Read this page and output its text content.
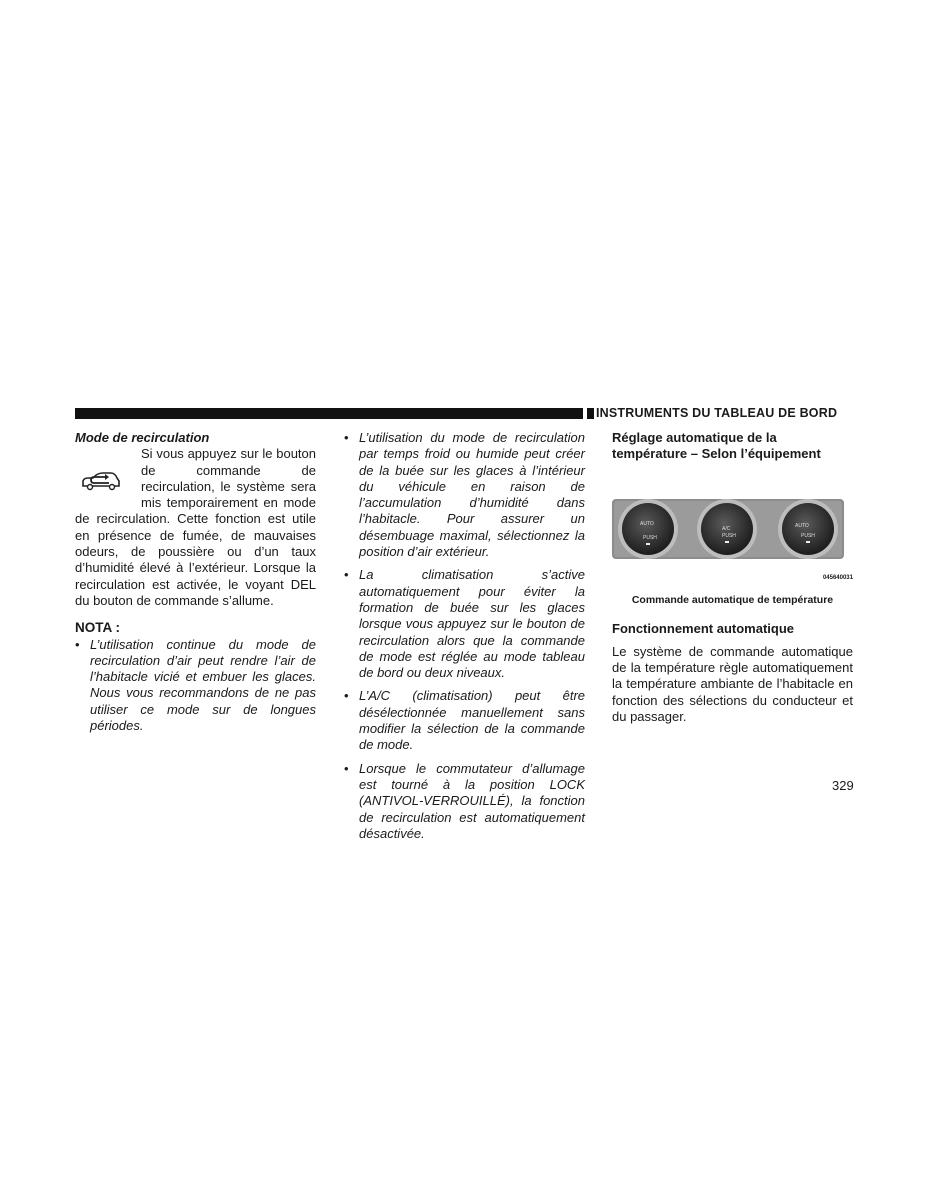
INSTRUMENTS DU TABLEAU DE BORD
Mode de recirculation
Si vous appuyez sur le bouton de commande de recirculation, le système sera mis temporairement en mode de recirculation. Cette fonction est utile en présence de fumée, de mauvaises odeurs, de poussière ou d’un taux d’humidité élevé à l’extérieur. Lorsque la recirculation est activée, le voyant DEL du bouton de commande s’allume.
NOTA :
• L’utilisation continue du mode de recirculation d’air peut rendre l’air de l’habitacle vicié et embuer les glaces. Nous vous recommandons de ne pas utiliser ce mode sur de longues périodes.
• L’utilisation du mode de recirculation par temps froid ou humide peut créer de la buée sur les glaces à l’intérieur du véhicule en raison de l’accumulation d’humidité dans l’habitacle. Pour assurer un désembuage maximal, sélectionnez la position d’air extérieur.
• La climatisation s’active automatiquement pour éviter la formation de buée sur les glaces lorsque vous appuyez sur le bouton de recirculation alors que la commande de mode est réglée au mode tableau de bord ou deux niveaux.
• L’A/C (climatisation) peut être désélectionnée manuellement sans modifier la sélection de la commande de mode.
• Lorsque le commutateur d’allumage est tourné à la position LOCK (ANTIVOL-VERROUILLÉ), la fonction de recirculation est automatiquement désactivée.
Réglage automatique de la température – Selon l’équipement
AUTO
PUSH
A/C
PUSH
AUTO
PUSH
045640031
Commande automatique de température
Fonctionnement automatique
Le système de commande automatique de la température règle automatiquement la température ambiante de l’habitacle en fonction des sélections du conducteur et du passager.
329
